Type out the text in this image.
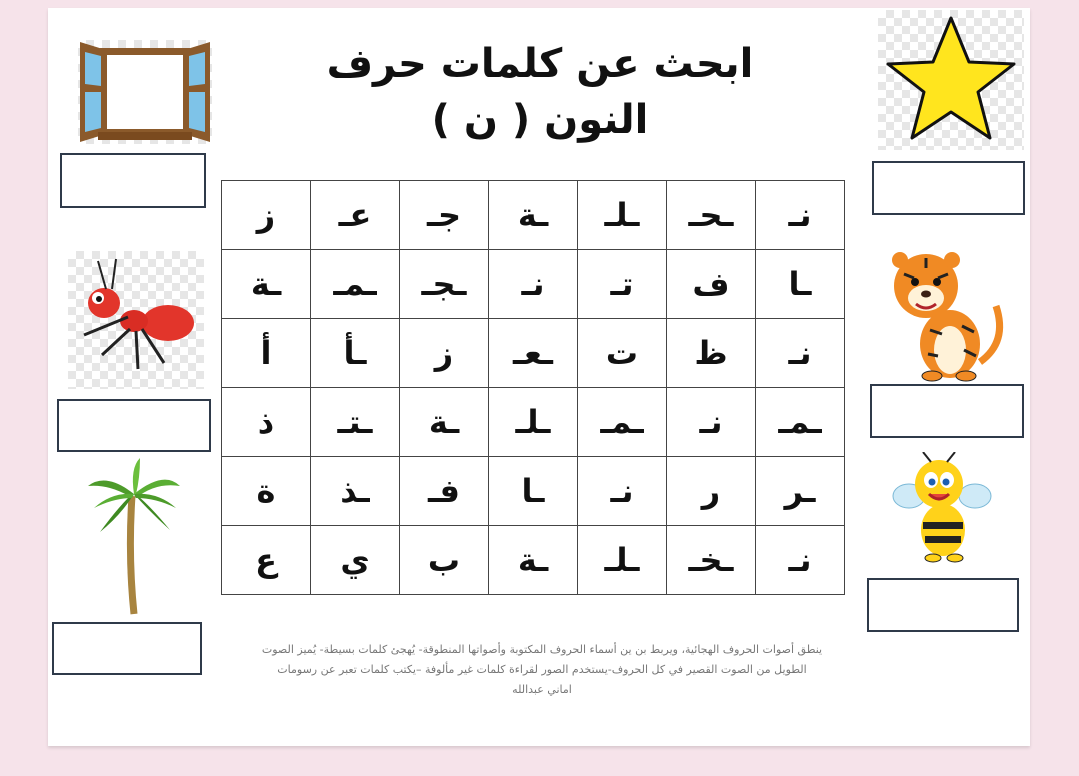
ابحث عن كلمات حرف
النون ( ن )
نـ	ـحـ	ـلـ	ـة	جـ	عـ	ز
ـا	ف	تـ	نـ	ـجـ	ـمـ	ـة
نـ	ظ	ت	ـعـ	ز	ـأ	أ
ـمـ	نـ	ـمـ	ـلـ	ـة	ـتـ	ذ
ـر	ر	نـ	ـا	فـ	ـذ	ة
نـ	ـخـ	ـلـ	ـة	ب	ي	ع
ينطق أصوات الحروف الهجائية، ويربط بن ين أسماء الحروف المكتوبة وأصواتها المنطوقة- يُهجئ كلمات بسيطة- يُميز الصوت
الطويل من الصوت القصير في كل الحروف-يستخدم الصور لقراءة كلمات غير مألوفة –يكتب كلمات تعبر عن رسومات
اماني عبدالله
